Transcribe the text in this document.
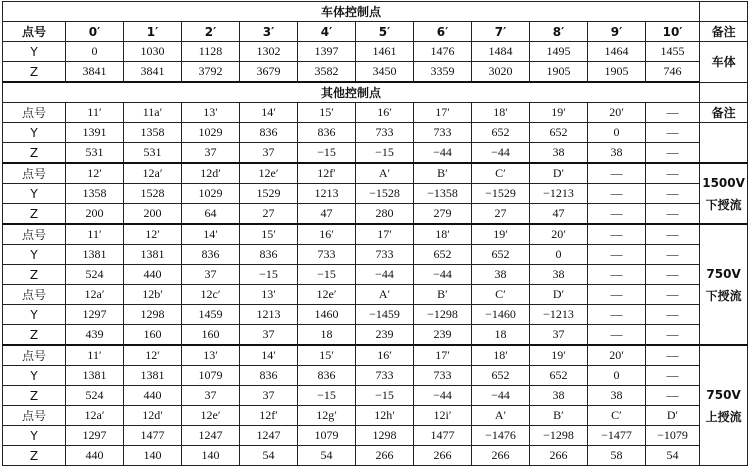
车体控制点												
点号	0′	1′	2′	3′	4′	5′	6′	7′	8′	9′	10′	备注
Y	0	1030	1128	1302	1397	1461	1476	1484	1495	1464	1455	车体
Z	3841	3841	3792	3679	3582	3450	3359	3020	1905	1905	746	
其他控制点												
点号	11′	11a′	13′	14′	15′	16′	17′	18′	19′	20′	—	备注
Y	1391	1358	1029	836	836	733	733	652	652	0	—	
Z	531	531	37	37	−15	−15	−44	−44	38	38	—	
点号	12′	12a′	12d′	12e′	12f′	A′	B′	C′	D′	—	—	1500V 下授流
Y	1358	1528	1029	1529	1213	−1528	−1358	−1529	−1213	—	—	
Z	200	200	64	27	47	280	279	27	47	—	—	
点号	11′	12′	14′	15′	16′	17′	18′	19′	20′	—	—	750V 下授流
Y	1381	1381	836	836	733	733	652	652	0	—	—	
Z	524	440	37	−15	−15	−44	−44	38	38	—	—	
点号	12a′	12b′	12c′	13′	12e′	A′	B′	C′	D′	—	—	
Y	1297	1298	1459	1213	1460	−1459	−1298	−1460	−1213	—	—	
Z	439	160	160	37	18	239	239	18	37	—	—	
点号	11′	12′	13′	14′	15′	16′	17′	18′	19′	20′	—	750V 上授流
Y	1381	1381	1079	836	836	733	733	652	652	0	—	
Z	524	440	37	37	−15	−15	−44	−44	38	38	—	
点号	12a′	12d′	12e′	12f′	12g′	12h′	12i′	A′	B′	C′	D′	
Y	1297	1477	1247	1247	1079	1298	1477	−1476	−1298	−1477	−1079	
Z	440	140	140	54	54	266	266	266	266	58	54	
